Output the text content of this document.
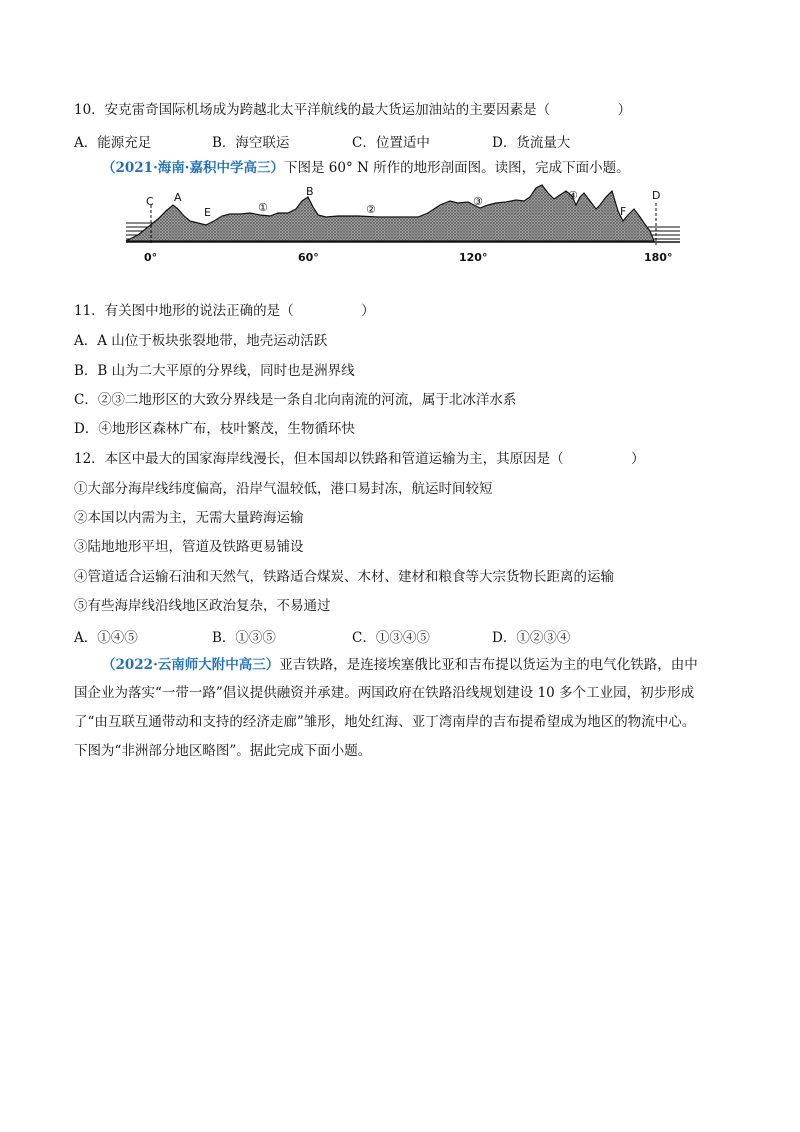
10．安克雷奇国际机场成为跨越北太平洋航线的最大货运加油站的主要因素是（　　　　　）
A．能源充足	B．海空联运	C．位置适中	D．货流量大
（2021·海南·嘉积中学高三）下图是 60° N 所作的地形剖面图。读图，完成下面小题。
C A
E	①
B
②
③	④
F
D
0°	60°	120°	180°
11．有关图中地形的说法正确的是（　　　　　）
A．A 山位于板块张裂地带，地壳运动活跃
B．B 山为二大平原的分界线，同时也是洲界线
C．②③二地形区的大致分界线是一条自北向南流的河流，属于北冰洋水系
D．④地形区森林广布，枝叶繁茂，生物循环快
12．本区中最大的国家海岸线漫长，但本国却以铁路和管道运输为主，其原因是（　　　　　）
①大部分海岸线纬度偏高，沿岸气温较低，港口易封冻，航运时间较短
②本国以内需为主，无需大量跨海运输
③陆地地形平坦，管道及铁路更易铺设
④管道适合运输石油和天然气，铁路适合煤炭、木材、建材和粮食等大宗货物长距离的运输
⑤有些海岸线沿线地区政治复杂，不易通过
A．①④⑤	B．①③⑤	C．①③④⑤	D．①②③④
（2022·云南师大附中高三）亚吉铁路，是连接埃塞俄比亚和吉布提以货运为主的电气化铁路，由中
国企业为落实“一带一路”倡议提供融资并承建。两国政府在铁路沿线规划建设 10 多个工业园，初步形成
了“由互联互通带动和支持的经济走廊”雏形，地处红海、亚丁湾南岸的吉布提希望成为地区的物流中心。
下图为“非洲部分地区略图”。据此完成下面小题。
